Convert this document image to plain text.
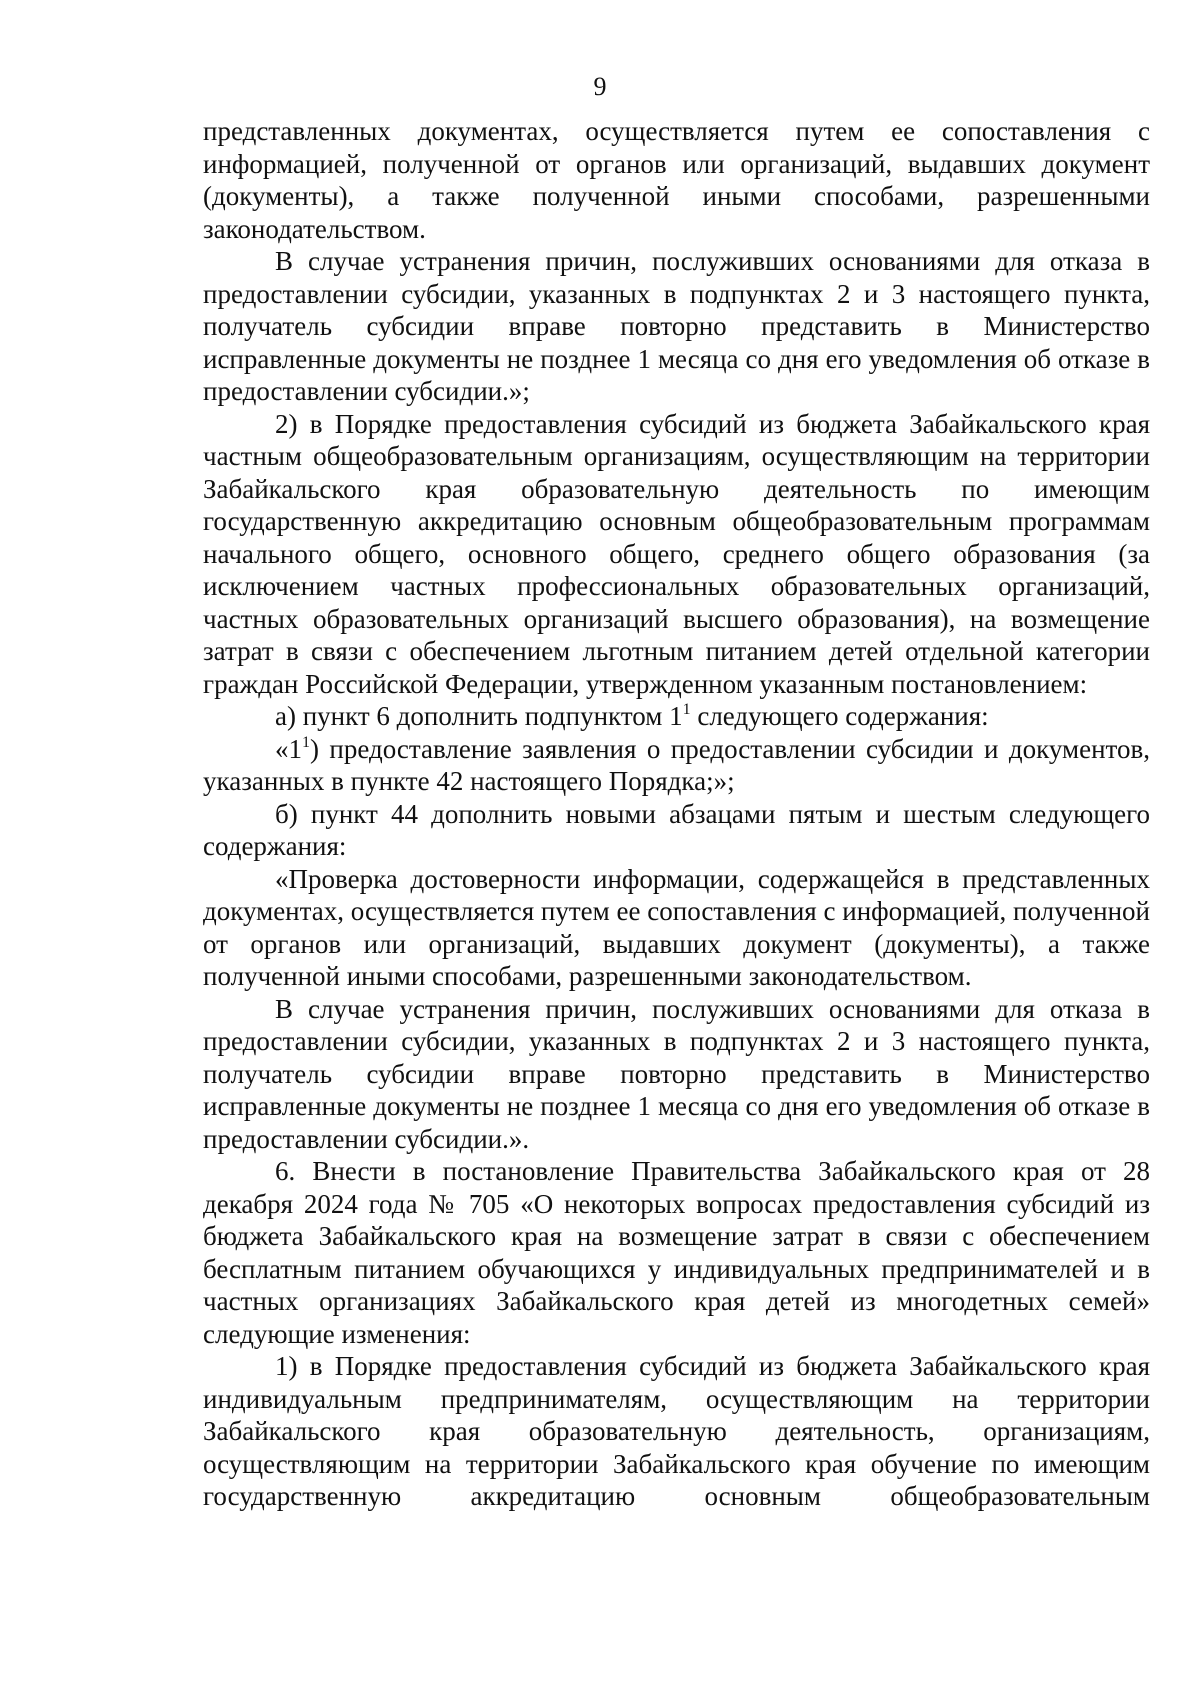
9

представленных документах, осуществляется путем ее сопоставления с информацией, полученной от органов или организаций, выдавших документ (документы), а также полученной иными способами, разрешенными законодательством.

В случае устранения причин, послуживших основаниями для отказа в предоставлении субсидии, указанных в подпунктах 2 и 3 настоящего пункта, получатель субсидии вправе повторно представить в Министерство исправленные документы не позднее 1 месяца со дня его уведомления об отказе в предоставлении субсидии.»;

2) в Порядке предоставления субсидий из бюджета Забайкальского края частным общеобразовательным организациям, осуществляющим на территории Забайкальского края образовательную деятельность по имеющим государственную аккредитацию основным общеобразовательным программам начального общего, основного общего, среднего общего образования (за исключением частных профессиональных образовательных организаций, частных образовательных организаций высшего образования), на возмещение затрат в связи с обеспечением льготным питанием детей отдельной категории граждан Российской Федерации, утвержденном указанным постановлением:

а) пункт 6 дополнить подпунктом $1^1$ следующего содержания:

«$1^1$) предоставление заявления о предоставлении субсидии и документов, указанных в пункте 42 настоящего Порядка;»;

б) пункт 44 дополнить новыми абзацами пятым и шестым следующего содержания:

«Проверка достоверности информации, содержащейся в представленных документах, осуществляется путем ее сопоставления с информацией, полученной от органов или организаций, выдавших документ (документы), а также полученной иными способами, разрешенными законодательством.

В случае устранения причин, послуживших основаниями для отказа в предоставлении субсидии, указанных в подпунктах 2 и 3 настоящего пункта, получатель субсидии вправе повторно представить в Министерство исправленные документы не позднее 1 месяца со дня его уведомления об отказе в предоставлении субсидии.».

6. Внести в постановление Правительства Забайкальского края от 28 декабря 2024 года № 705 «О некоторых вопросах предоставления субсидий из бюджета Забайкальского края на возмещение затрат в связи с обеспечением бесплатным питанием обучающихся у индивидуальных предпринимателей и в частных организациях Забайкальского края детей из многодетных семей» следующие изменения:

1) в Порядке предоставления субсидий из бюджета Забайкальского края индивидуальным предпринимателям, осуществляющим на территории Забайкальского края образовательную деятельность, организациям, осуществляющим на территории Забайкальского края обучение по имеющим государственную аккредитацию основным общеобразовательным
